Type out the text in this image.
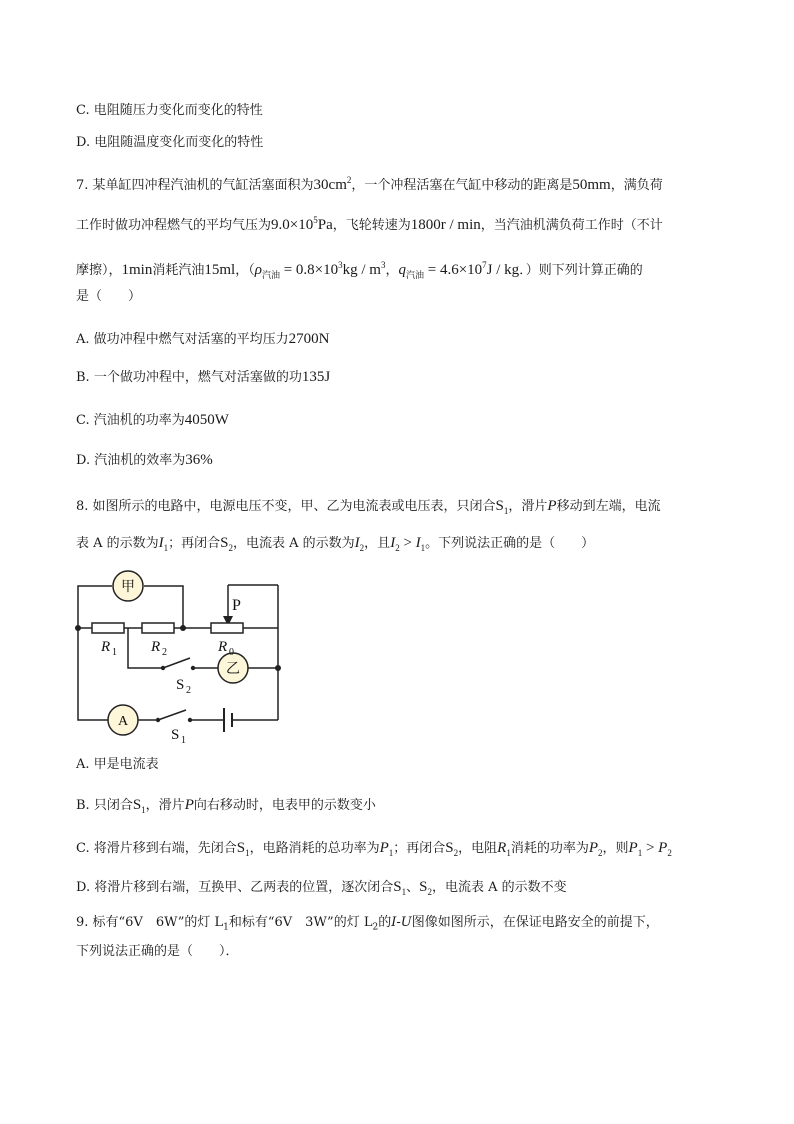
C. 电阻随压力变化而变化的特性
D. 电阻随温度变化而变化的特性
7. 某单缸四冲程汽油机的气缸活塞面积为$30cm^2$，一个冲程活塞在气缸中移动的距离是50mm，满负荷
工作时做功冲程燃气的平均气压为$9.0\times 10^5Pa$，飞轮转速为1800r / min，当汽油机满负荷工作时（不计
摩擦），1min消耗汽油15ml，（$\rho_{汽油} = 0.8\times 10^3kg / m^3$，$q_{汽油} = 4.6\times 10^7J$ / kg．）则下列计算正确的
是（　　）
A. 做功冲程中燃气对活塞的平均压力2700N
B. 一个做功冲程中，燃气对活塞做的功135J
C. 汽油机的功率为4050W
D. 汽油机的效率为36%
8. 如图所示的电路中，电源电压不变，甲、乙为电流表或电压表，只闭合$S_1$，滑片P移动到左端，电流
表 A 的示数为$I_1$；再闭合$S_2$，电流表 A 的示数为$I_2$，且$I_2 > I_1$。下列说法正确的是（　　）
甲
乙
A
P
R 1 R 2	R 0
S 2
S 1
A. 甲是电流表
B. 只闭合$S_1$，滑片P向右移动时，电表甲的示数变小
C. 将滑片移到右端，先闭合$S_1$，电路消耗的总功率为$P_1$；再闭合$S_2$，电阻$R_1$消耗的功率为$P_2$，则$P_1 > P_2$
D. 将滑片移到右端，互换甲、乙两表的位置，逐次闭合$S_1$、$S_2$，电流表 A 的示数不变
9. 标有“6V　6W”的灯 $L_1$和标有“6V　3W”的灯 $L_2$的I-U图像如图所示，在保证电路安全的前提下，
下列说法正确的是（　　）．
